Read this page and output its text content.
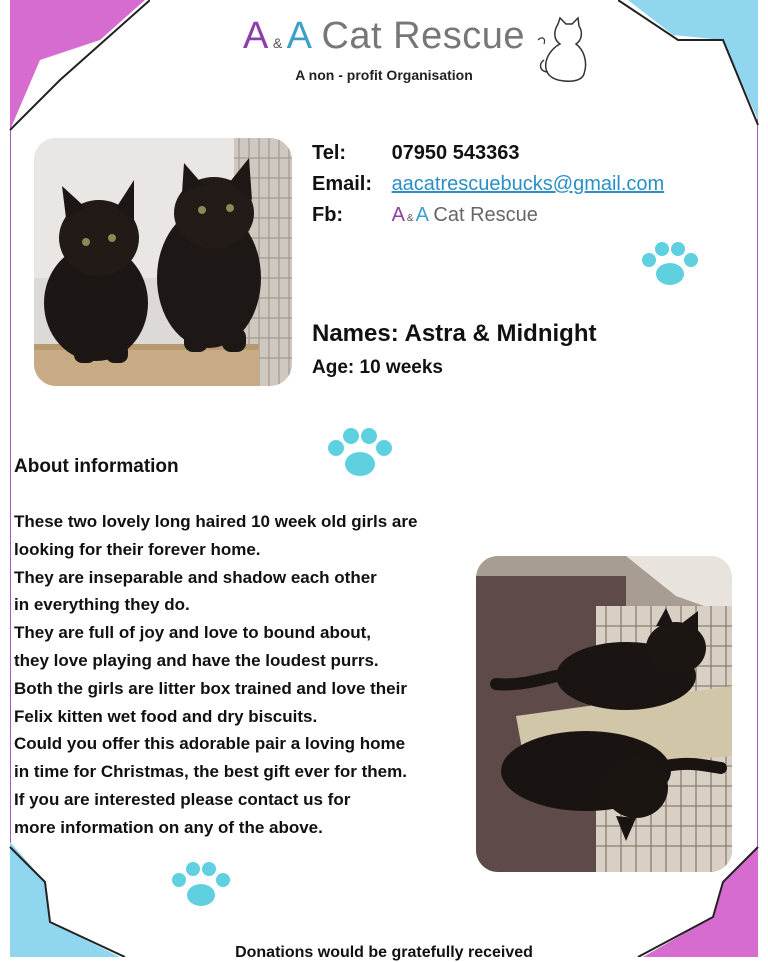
A & A Cat Rescue
A non - profit Organisation
Tel: 07950 543363
Email: aacatrescuebucks@gmail.com
Fb: A & A Cat Rescue
Names: Astra & Midnight
Age: 10 weeks
About information
These two lovely long haired 10 week old girls are
looking for their forever home.
They are inseparable and shadow each other
in everything they do.
They are full of joy and love to bound about,
they love playing and have the loudest purrs.
Both the girls are litter box trained and love their
Felix kitten wet food and dry biscuits.
Could you offer this adorable pair a loving home
in time for Christmas, the best gift ever for them.
If you are interested please contact us for
more information on any of the above.
Donations would be gratefully received
